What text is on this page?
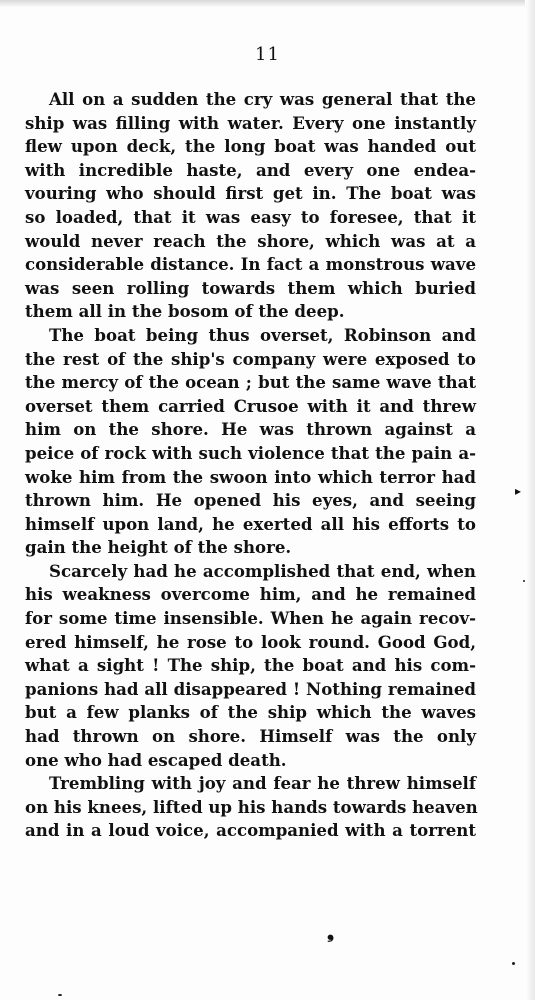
11
All on a sudden the cry was general that the
ship was filling with water. Every one instantly
flew upon deck, the long boat was handed out
with incredible haste, and every one endea-
vouring who should first get in. The boat was
so loaded, that it was easy to foresee, that it
would never reach the shore, which was at a
considerable distance. In fact a monstrous wave
was seen rolling towards them which buried
them all in the bosom of the deep.
The boat being thus overset, Robinson and
the rest of the ship's company were exposed to
the mercy of the ocean ; but the same wave that
overset them carried Crusoe with it and threw
him on the shore. He was thrown against a
peice of rock with such violence that the pain a-
woke him from the swoon into which terror had
thrown him. He opened his eyes, and seeing
himself upon land, he exerted all his efforts to
gain the height of the shore.
Scarcely had he accomplished that end, when
his weakness overcome him, and he remained
for some time insensible. When he again recov-
ered himself, he rose to look round. Good God,
what a sight ! The ship, the boat and his com-
panions had all disappeared ! Nothing remained
but a few planks of the ship which the waves
had thrown on shore. Himself was the only
one who had escaped death.
Trembling with joy and fear he threw himself
on his knees, lifted up his hands towards heaven
and in a loud voice, accompanied with a torrent
▸
❟
